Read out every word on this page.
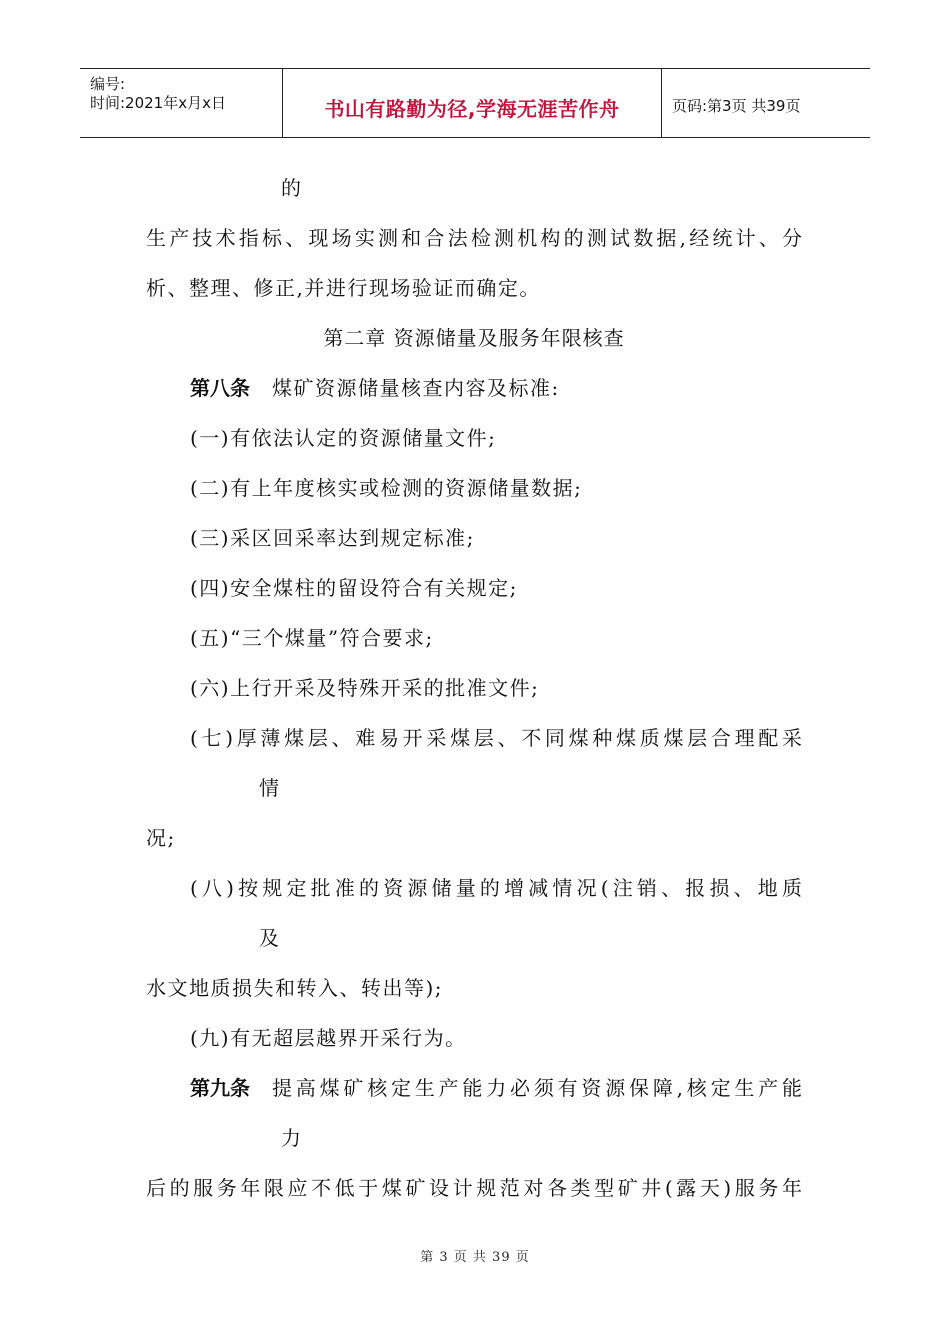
编号:
时间:2021年x月x日	书山有路勤为径,学海无涯苦作舟	页码:第3页 共39页
的
生产技术指标、现场实测和合法检测机构的测试数据,经统计、分
析、整理、修正,并进行现场验证而确定。
第二章 资源储量及服务年限核查
第八条 煤矿资源储量核查内容及标准:
(一)有依法认定的资源储量文件;
(二)有上年度核实或检测的资源储量数据;
(三)采区回采率达到规定标准;
(四)安全煤柱的留设符合有关规定;
(五)“三个煤量”符合要求;
(六)上行开采及特殊开采的批准文件;
(七)厚薄煤层、难易开采煤层、不同煤种煤质煤层合理配采
情
况;
(八)按规定批准的资源储量的增减情况(注销、报损、地质
及
水文地质损失和转入、转出等);
(九)有无超层越界开采行为。
第九条 提高煤矿核定生产能力必须有资源保障,核定生产能
力
后的服务年限应不低于煤矿设计规范对各类型矿井(露天)服务年
第 3 页 共 39 页
